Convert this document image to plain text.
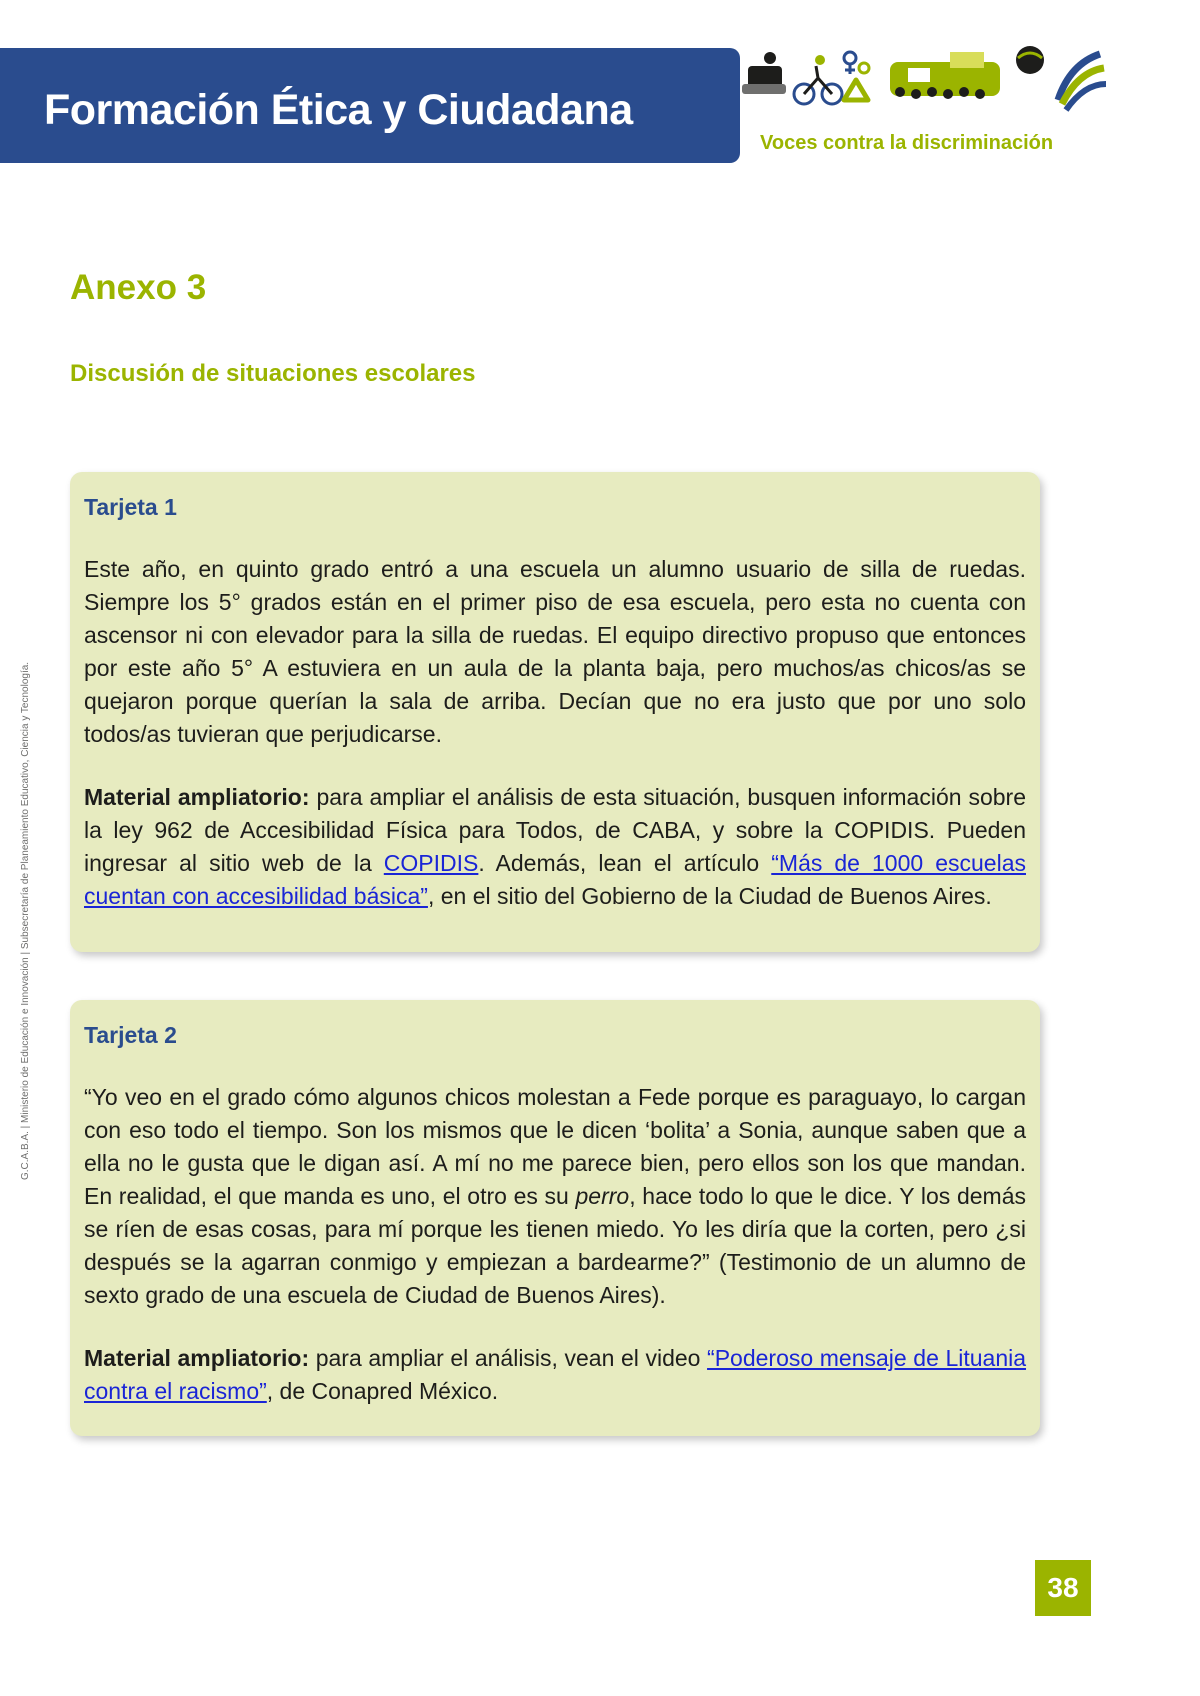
Formación Ética y Ciudadana
Voces contra la discriminación
G.C.A.B.A. | Ministerio de Educación e Innovación | Subsecretaría de Planeamiento Educativo, Ciencia y Tecnología.
Anexo 3
Discusión de situaciones escolares
Tarjeta 1

Este año, en quinto grado entró a una escuela un alumno usuario de silla de ruedas. Siempre los 5° grados están en el primer piso de esa escuela, pero esta no cuenta con ascensor ni con elevador para la silla de ruedas. El equipo directivo propuso que entonces por este año 5° A estuviera en un aula de la planta baja, pero muchos/as chicos/as se quejaron porque querían la sala de arriba. Decían que no era justo que por uno solo todos/as tuvieran que perjudicarse.

Material ampliatorio: para ampliar el análisis de esta situación, busquen información sobre la ley 962 de Accesibilidad Física para Todos, de CABA, y sobre la COPIDIS. Pueden ingresar al sitio web de la COPIDIS. Además, lean el artículo “Más de 1000 escuelas cuentan con accesibilidad básica”, en el sitio del Gobierno de la Ciudad de Buenos Aires.

Tarjeta 2

“Yo veo en el grado cómo algunos chicos molestan a Fede porque es paraguayo, lo cargan con eso todo el tiempo. Son los mismos que le dicen ‘bolita’ a Sonia, aunque saben que a ella no le gusta que le digan así. A mí no me parece bien, pero ellos son los que mandan. En realidad, el que manda es uno, el otro es su perro, hace todo lo que le dice. Y los demás se ríen de esas cosas, para mí porque les tienen miedo. Yo les diría que la corten, pero ¿si después se la agarran conmigo y empiezan a bardearme?” (Testimonio de un alumno de sexto grado de una escuela de Ciudad de Buenos Aires).

Material ampliatorio: para ampliar el análisis, vean el video “Poderoso mensaje de Lituania contra el racismo”, de Conapred México.

38
